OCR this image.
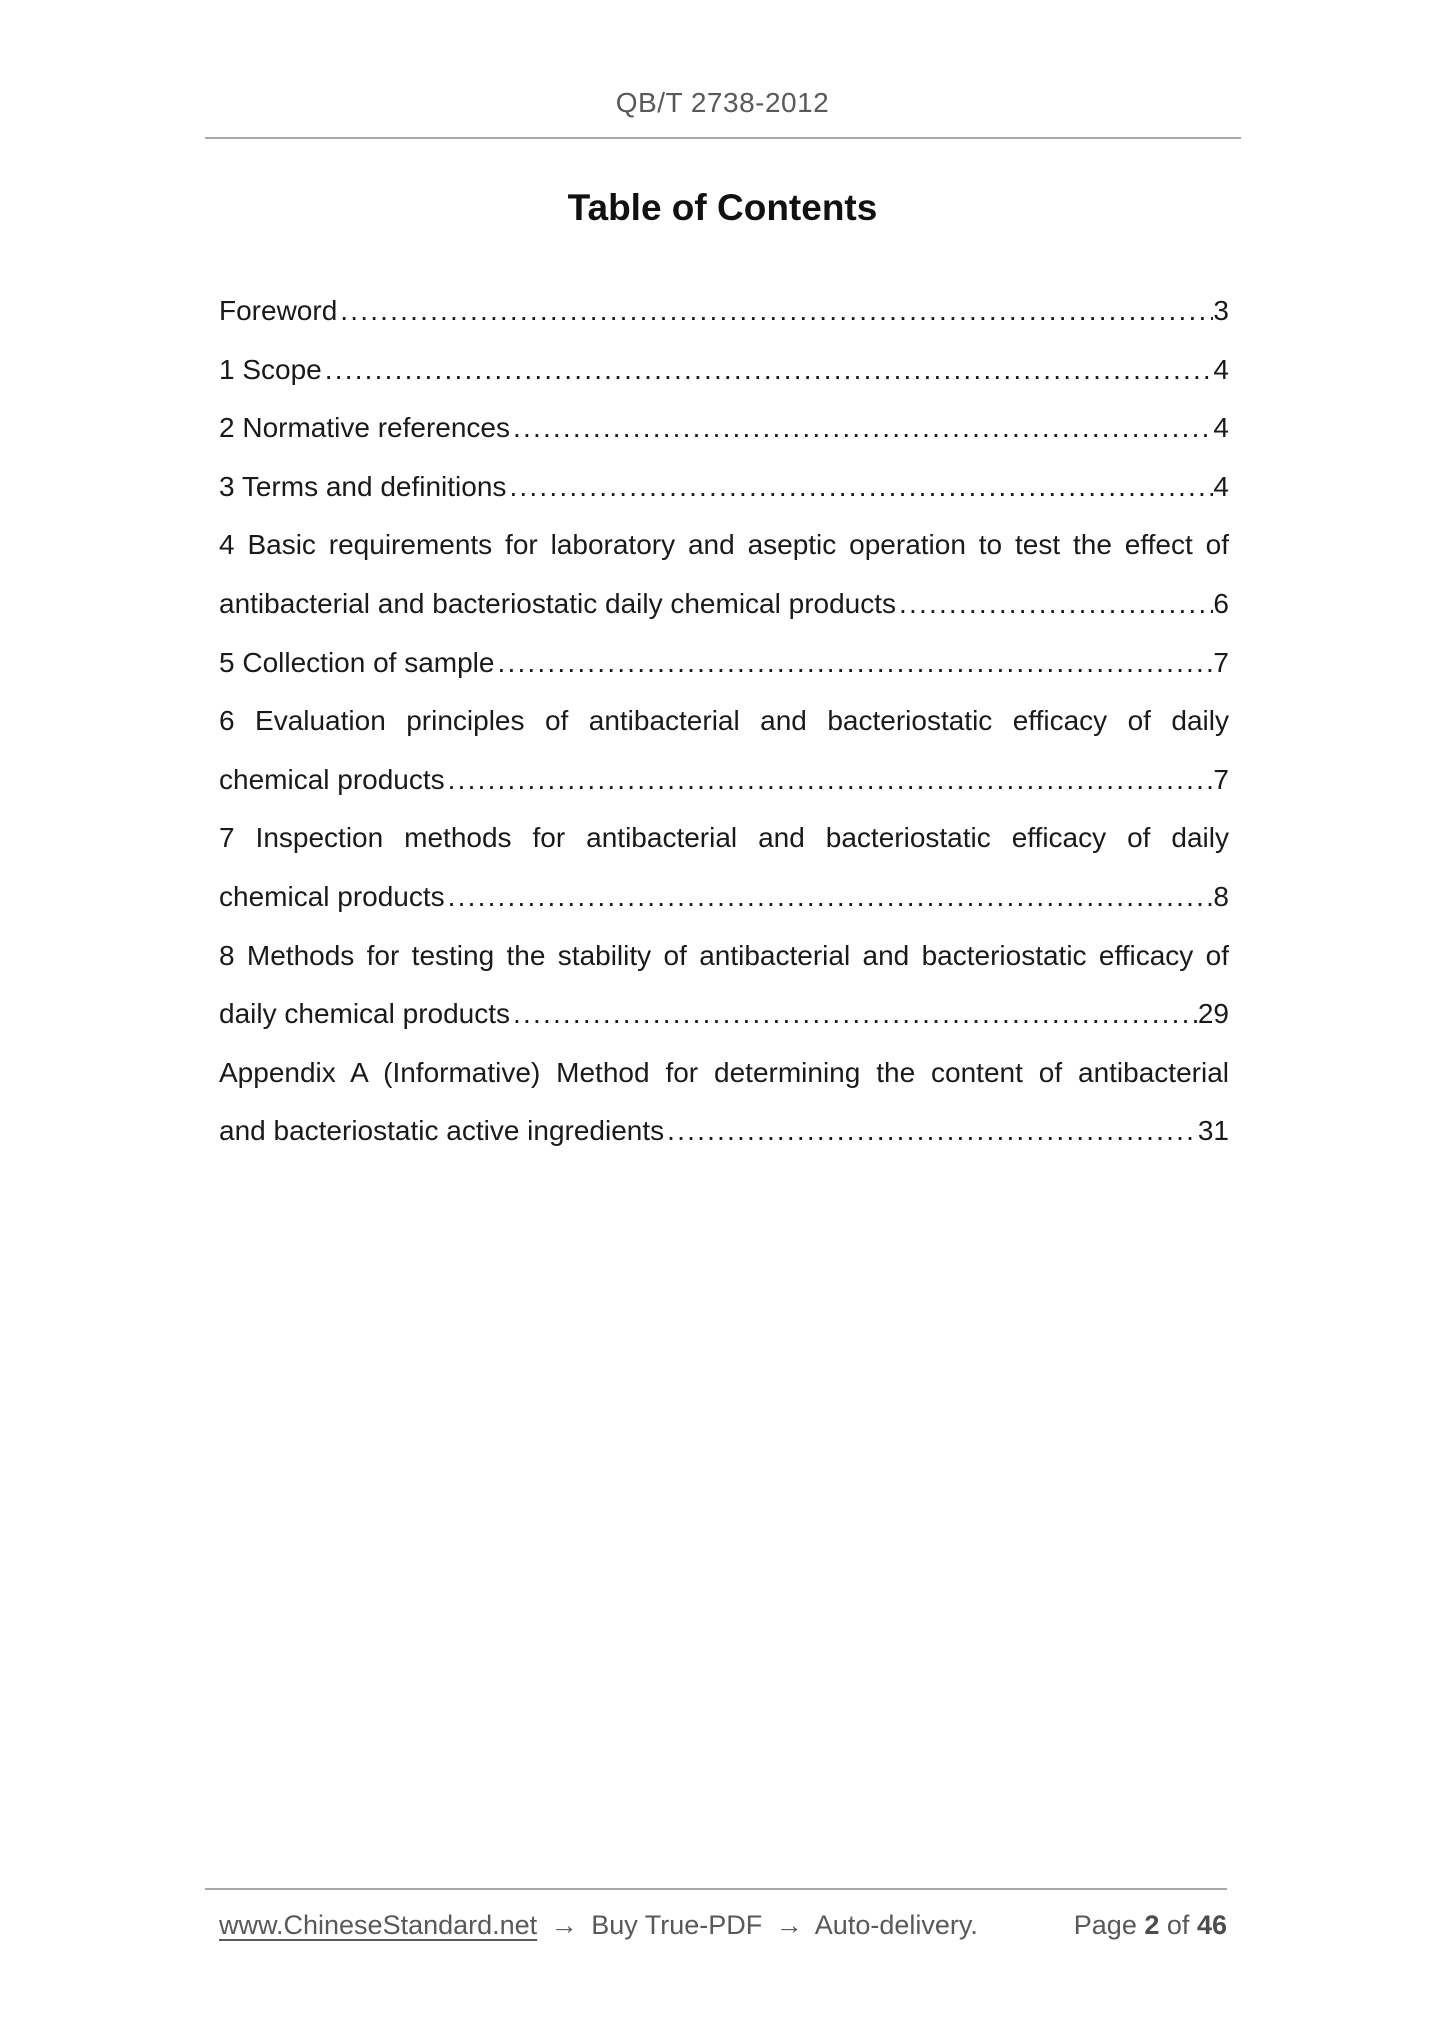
QB/T 2738-2012
Table of Contents
Foreword .....	3
1 Scope .....	4
2 Normative references .....	4
3 Terms and definitions .....	4
4 Basic requirements for laboratory and aseptic operation to test the effect of
antibacterial and bacteriostatic daily chemical products .....	6
5 Collection of sample .....	7
6 Evaluation principles of antibacterial and bacteriostatic efficacy of daily
chemical products .....	7
7 Inspection methods for antibacterial and bacteriostatic efficacy of daily
chemical products .....	8
8 Methods for testing the stability of antibacterial and bacteriostatic efficacy of
daily chemical products .....	29
Appendix A (Informative) Method for determining the content of antibacterial
and bacteriostatic active ingredients .....	31
www.ChineseStandard.net → Buy True-PDF → Auto-delivery.	Page 2 of 46
